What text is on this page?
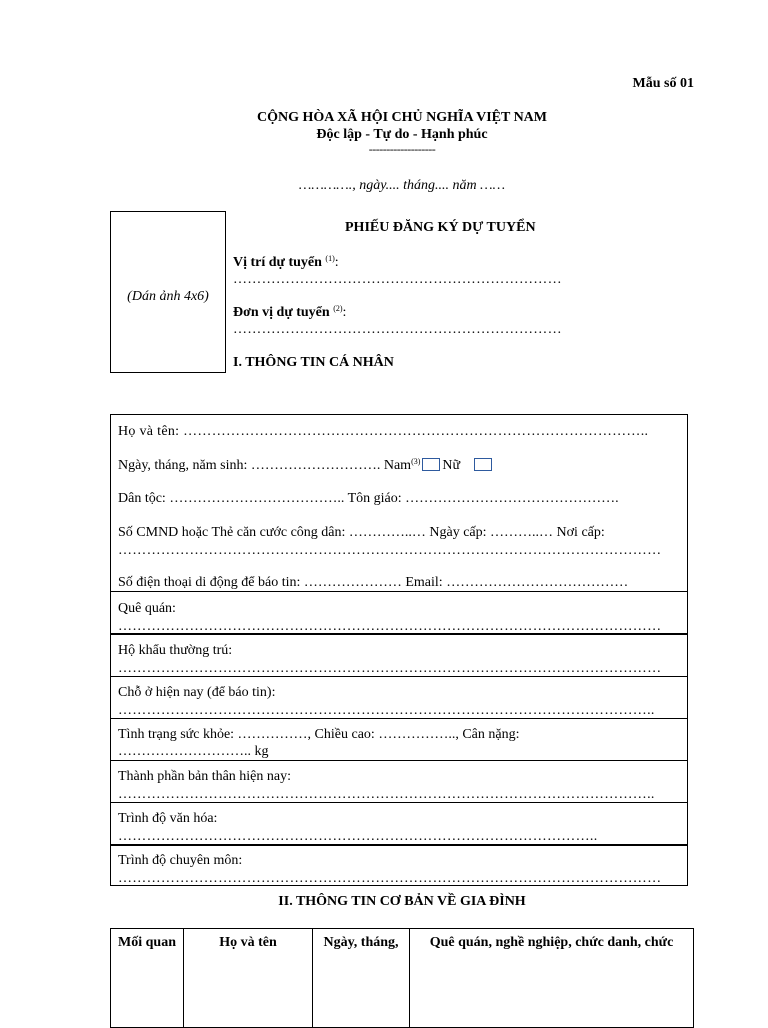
Mẫu số 01
CỘNG HÒA XÃ HỘI CHỦ NGHĨA VIỆT NAM
Độc lập - Tự do - Hạnh phúc
-------------------
…………., ngày.... tháng.... năm ……
(Dán ảnh 4x6)
PHIẾU ĐĂNG KÝ DỰ TUYỂN
Vị trí dự tuyển $^{(1)}$:
……………………………………………………………
Đơn vị dự tuyển $^{(2)}$:
……………………………………………………………
I. THÔNG TIN CÁ NHÂN
Họ và tên: ……………………………………………………………………………………..
Ngày, tháng, năm sinh: ………………………. Nam$^{(3)}$ Nữ
Dân tộc: ……………………………….. Tôn giáo: ……………………………………….
Số CMND hoặc Thẻ căn cước công dân: …………..… Ngày cấp: ………..… Nơi cấp:
……………………………………………………………………………………………………
Số điện thoại di động để báo tin: ………………… Email: …………………………………
Quê quán:
……………………………………………………………………………………………………
Hộ khẩu thường trú:
……………………………………………………………………………………………………
Chỗ ở hiện nay (để báo tin):
…………………………………………………………………………………………………..
Tình trạng sức khỏe: ……………, Chiều cao: …………….., Cân nặng:
……………………….. kg
Thành phần bản thân hiện nay:
…………………………………………………………………………………………………..
Trình độ văn hóa:
………………………………………………………………………………………..
Trình độ chuyên môn:
……………………………………………………………………………………………………
II. THÔNG TIN CƠ BẢN VỀ GIA ĐÌNH
Mối quan	Họ và tên	Ngày, tháng,	Quê quán, nghề nghiệp, chức danh, chức
